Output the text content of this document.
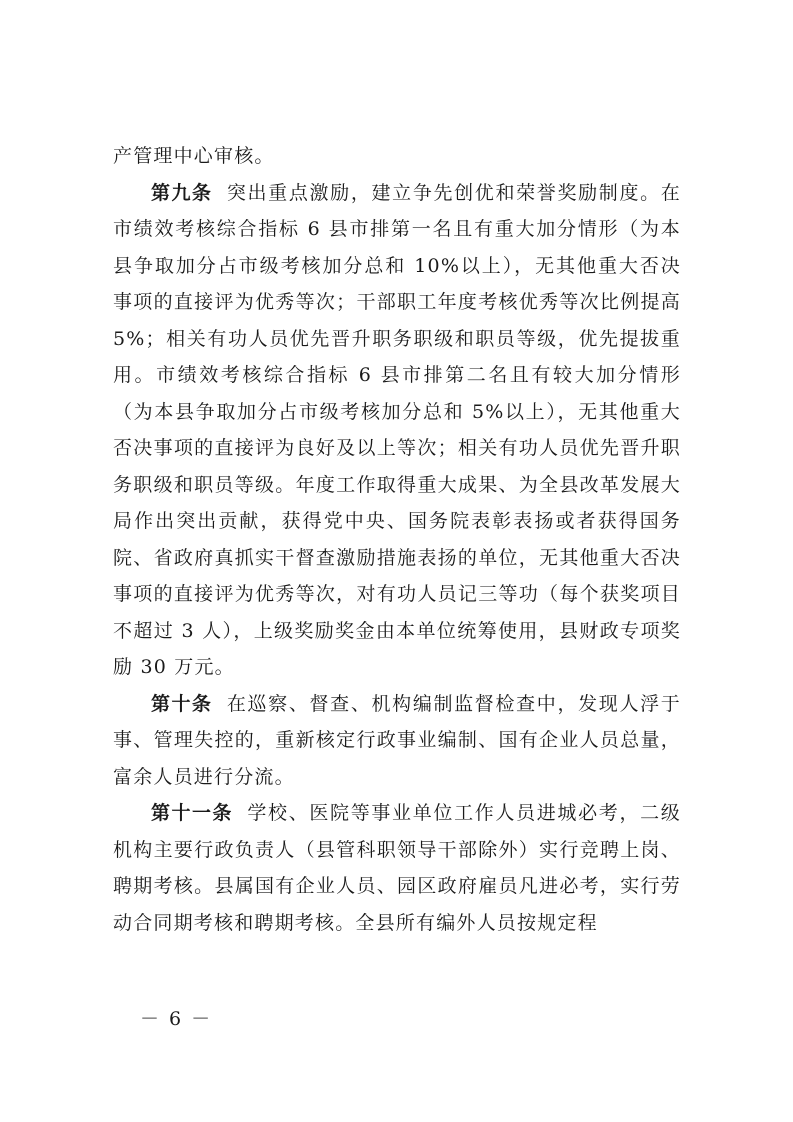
产管理中心审核。

第九条 突出重点激励，建立争先创优和荣誉奖励制度。在市绩效考核综合指标 6 县市排第一名且有重大加分情形（为本县争取加分占市级考核加分总和 10%以上），无其他重大否决事项的直接评为优秀等次；干部职工年度考核优秀等次比例提高 5%；相关有功人员优先晋升职务职级和职员等级，优先提拔重用。市绩效考核综合指标 6 县市排第二名且有较大加分情形（为本县争取加分占市级考核加分总和 5%以上），无其他重大否决事项的直接评为良好及以上等次；相关有功人员优先晋升职务职级和职员等级。年度工作取得重大成果、为全县改革发展大局作出突出贡献，获得党中央、国务院表彰表扬或者获得国务院、省政府真抓实干督查激励措施表扬的单位，无其他重大否决事项的直接评为优秀等次，对有功人员记三等功（每个获奖项目不超过 3 人），上级奖励奖金由本单位统筹使用，县财政专项奖励 30 万元。

第十条 在巡察、督查、机构编制监督检查中，发现人浮于事、管理失控的，重新核定行政事业编制、国有企业人员总量，富余人员进行分流。

第十一条 学校、医院等事业单位工作人员进城必考，二级机构主要行政负责人（县管科职领导干部除外）实行竞聘上岗、聘期考核。县属国有企业人员、园区政府雇员凡进必考，实行劳动合同期考核和聘期考核。全县所有编外人员按规定程

－ 6 －
